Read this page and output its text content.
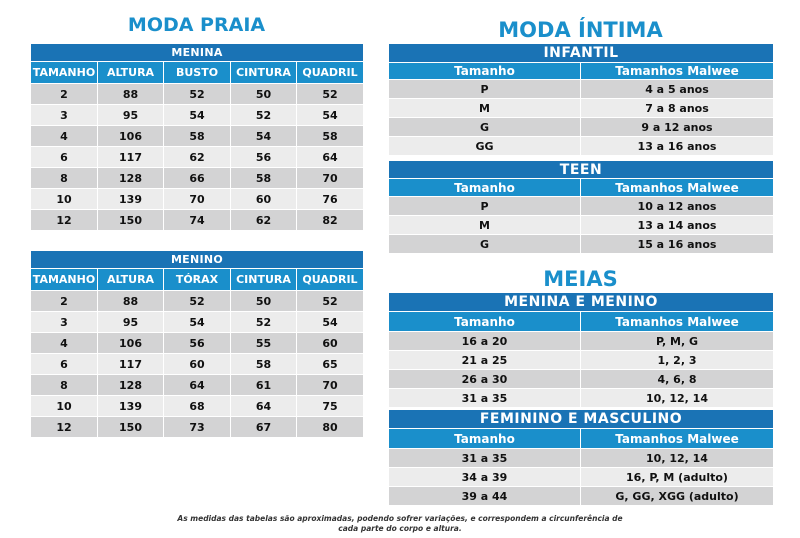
MODA PRAIA	MODA ÍNTIMA
MEIAS
MENINA				
TAMANHO	ALTURA	BUSTO	CINTURA	QUADRIL
2	88	52	50	52
3	95	54	52	54
4	106	58	54	58
6	117	62	56	64
8	128	66	58	70
10	139	70	60	76
12	150	74	62	82
MENINO				
TAMANHO	ALTURA	TÓRAX	CINTURA	QUADRIL
2	88	52	50	52
3	95	54	52	54
4	106	56	55	60
6	117	60	58	65
8	128	64	61	70
10	139	68	64	75
12	150	73	67	80
INFANTIL	
Tamanho	Tamanhos Malwee
P	4 a 5 anos
M	7 a 8 anos
G	9 a 12 anos
GG	13 a 16 anos
TEEN	
Tamanho	Tamanhos Malwee
P	10 a 12 anos
M	13 a 14 anos
G	15 a 16 anos
MENINA E MENINO	
Tamanho	Tamanhos Malwee
16 a 20	P, M, G
21 a 25	1, 2, 3
26 a 30	4, 6, 8
31 a 35	10, 12, 14
FEMININO E MASCULINO	
Tamanho	Tamanhos Malwee
31 a 35	10, 12, 14
34 a 39	16, P, M (adulto)
39 a 44	G, GG, XGG (adulto)
As medidas das tabelas são aproximadas, podendo sofrer variações, e correspondem a circunferência de
cada parte do corpo e altura.
